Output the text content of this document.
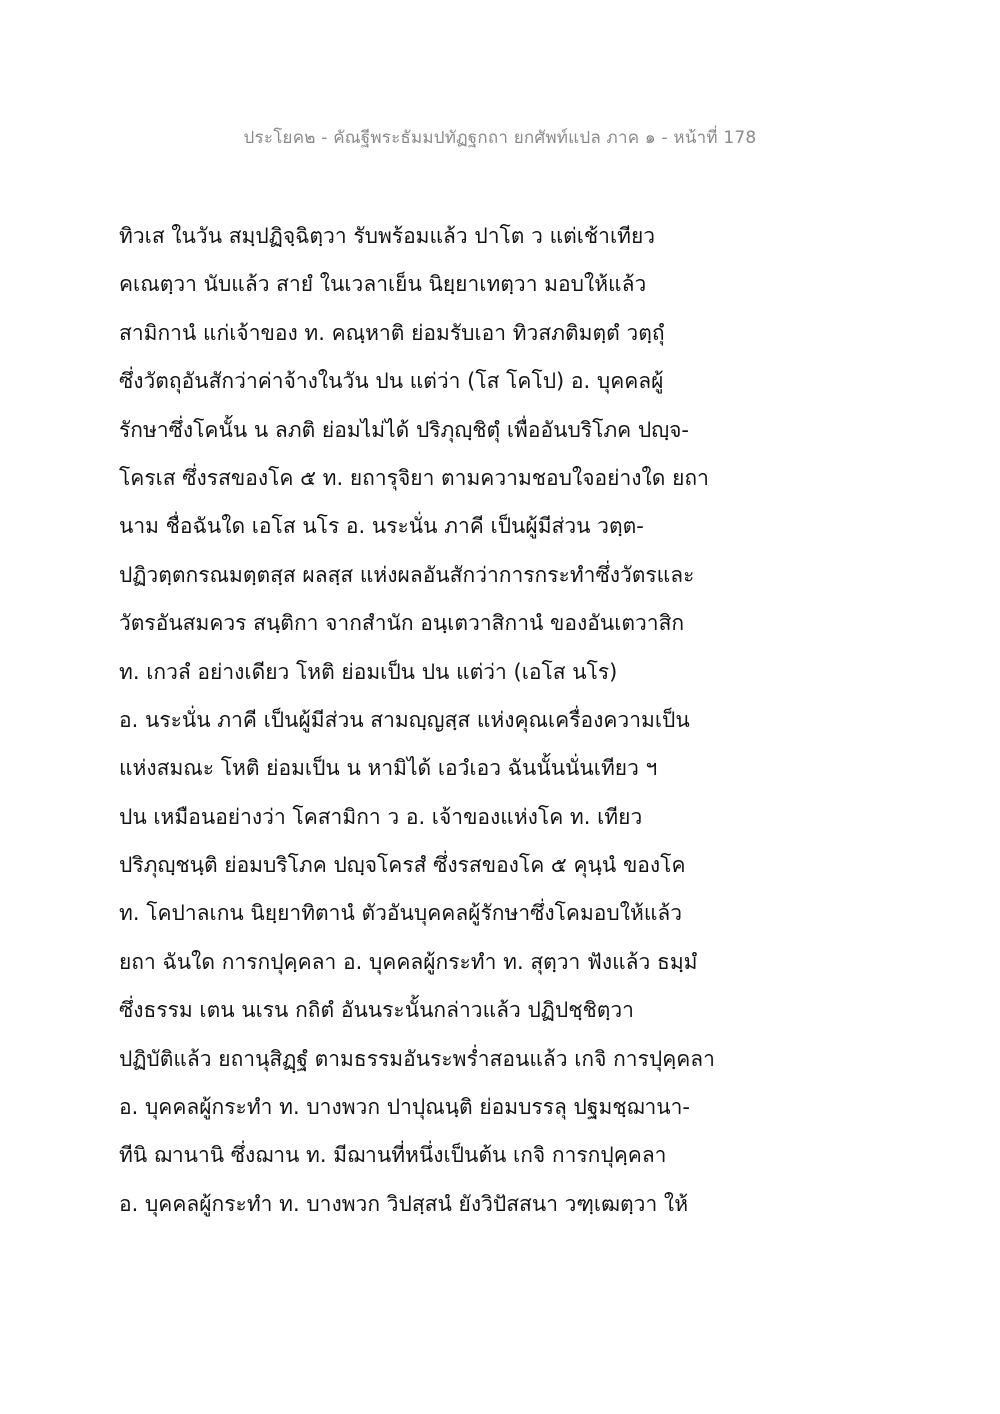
ประโยค๒ - คัณฐีพระธัมมปทัฏฐกถา ยกศัพท์แปล ภาค ๑ - หน้าที่ 178
ทิวเส ในวัน สมฺปฏิจฺฉิตฺวา รับพร้อมแล้ว ปาโต ว แต่เช้าเทียว
คเณตฺวา นับแล้ว สายํ ในเวลาเย็น นิยฺยาเทตฺวา มอบให้แล้ว
สามิกานํ แก่เจ้าของ ท. คณฺหาติ ย่อมรับเอา ทิวสภติมตฺตํ วตฺถุํ
ซึ่งวัตถุอันสักว่าค่าจ้างในวัน ปน แต่ว่า (โส โคโป) อ. บุคคลผู้
รักษาซึ่งโคนั้น น ลภติ ย่อมไม่ได้ ปริภุญฺชิตุํ เพื่ออันบริโภค ปญฺจ-
โครเส ซึ่งรสของโค ๕ ท. ยถารุจิยา ตามความชอบใจอย่างใด ยถา
นาม ชื่อฉันใด เอโส นโร อ. นระนั่น ภาคี เป็นผู้มีส่วน วตฺต-
ปฏิวตฺตกรณมตฺตสฺส ผลสฺส แห่งผลอันสักว่าการกระทำซึ่งวัตรและ
วัตรอันสมควร สนฺติกา จากสำนัก อนฺเตวาสิกานํ ของอันเตวาสิก
ท. เกวลํ อย่างเดียว โหติ ย่อมเป็น ปน แต่ว่า (เอโส นโร)
อ. นระนั่น ภาคี เป็นผู้มีส่วน สามญฺญสฺส แห่งคุณเครื่องความเป็น
แห่งสมณะ โหติ ย่อมเป็น น หามิได้ เอวํเอว ฉันนั้นนั่นเทียว ฯ
ปน เหมือนอย่างว่า โคสามิกา ว อ. เจ้าของแห่งโค ท. เทียว
ปริภุญฺชนฺติ ย่อมบริโภค ปญฺจโครสํ ซึ่งรสของโค ๕ คุนฺนํ ของโค
ท. โคปาลเกน นิยฺยาทิตานํ ตัวอันบุคคลผู้รักษาซึ่งโคมอบให้แล้ว
ยถา ฉันใด การกปุคฺคลา อ. บุคคลผู้กระทำ ท. สุตฺวา ฟังแล้ว ธมฺมํ
ซึ่งธรรม เตน นเรน กถิตํ อันนระนั้นกล่าวแล้ว ปฏิปชฺชิตฺวา
ปฏิบัติแล้ว ยถานุสิฏฺฐํ ตามธรรมอันระพร่ำสอนแล้ว เกจิ การปุคฺคลา
อ. บุคคลผู้กระทำ ท. บางพวก ปาปุณนฺติ ย่อมบรรลุ ปฐมชฺฌานา-
ทีนิ ฌานานิ ซึ่งฌาน ท. มีฌานที่หนึ่งเป็นต้น เกจิ การกปุคฺคลา
อ. บุคคลผู้กระทำ ท. บางพวก วิปสฺสนํ ยังวิปัสสนา วฑฺเฒตฺวา ให้
